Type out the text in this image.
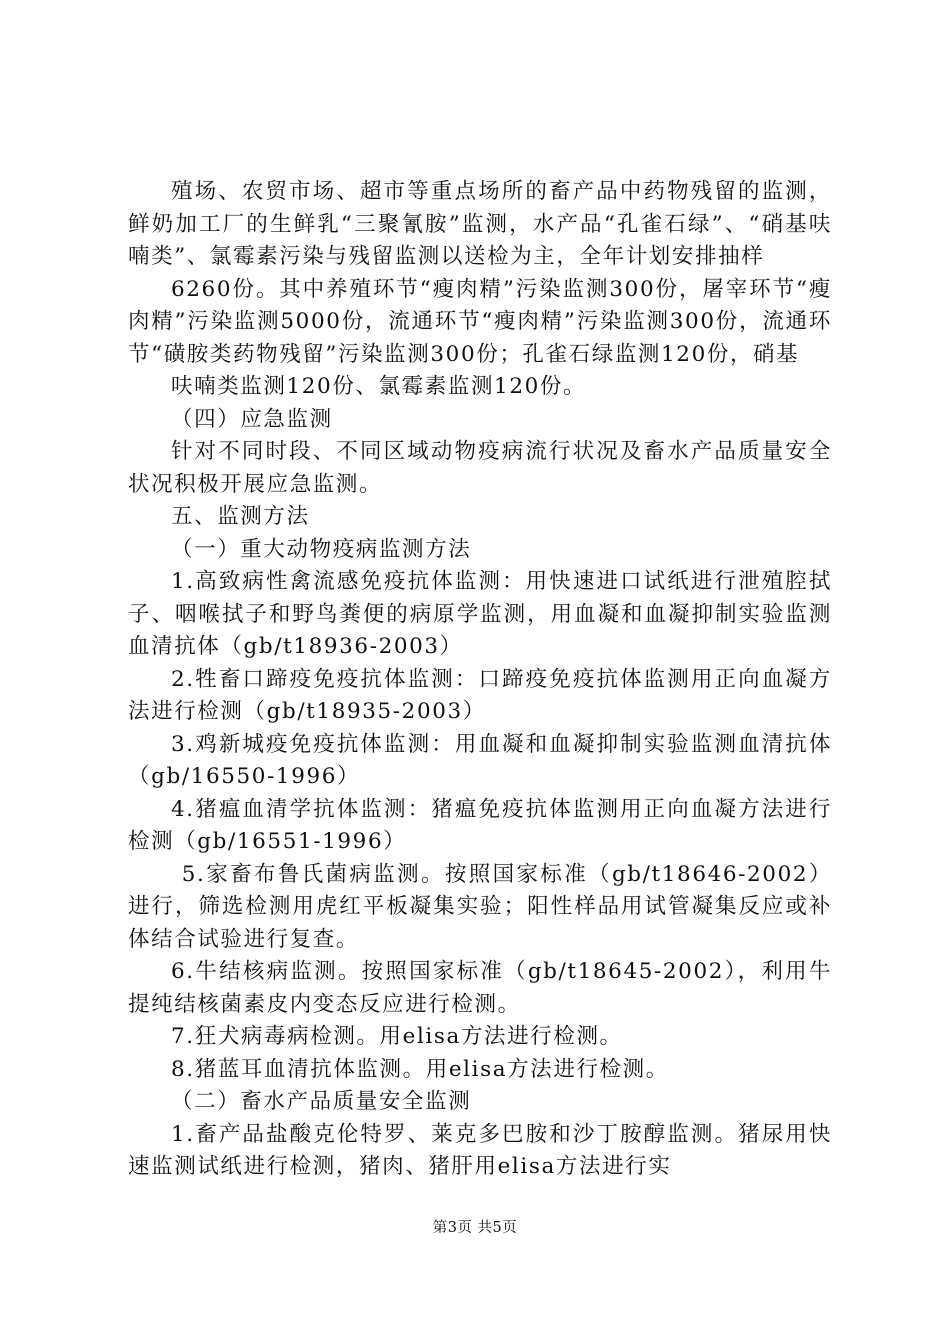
殖场、农贸市场、超市等重点场所的畜产品中药物残留的监测，鲜奶加工厂的生鲜乳“三聚氰胺”监测，水产品“孔雀石绿”、“硝基呋喃类”、氯霉素污染与残留监测以送检为主，全年计划安排抽样

6260份。其中养殖环节“瘦肉精”污染监测300份，屠宰环节“瘦肉精”污染监测5000份，流通环节“瘦肉精”污染监测300份，流通环节“磺胺类药物残留”污染监测300份；孔雀石绿监测120份，硝基

呋喃类监测120份、氯霉素监测120份。

（四）应急监测

针对不同时段、不同区域动物疫病流行状况及畜水产品质量安全状况积极开展应急监测。

五、监测方法

（一）重大动物疫病监测方法

1.高致病性禽流感免疫抗体监测：用快速进口试纸进行泄殖腔拭子、咽喉拭子和野鸟粪便的病原学监测，用血凝和血凝抑制实验监测血清抗体（gb/t18936-2003）

2.牲畜口蹄疫免疫抗体监测：口蹄疫免疫抗体监测用正向血凝方法进行检测（gb/t18935-2003）

3.鸡新城疫免疫抗体监测：用血凝和血凝抑制实验监测血清抗体（gb/16550-1996）

4.猪瘟血清学抗体监测：猪瘟免疫抗体监测用正向血凝方法进行检测（gb/16551-1996）

5.家畜布鲁氏菌病监测。按照国家标准（gb/t18646-2002）进行，筛选检测用虎红平板凝集实验；阳性样品用试管凝集反应或补体结合试验进行复查。

6.牛结核病监测。按照国家标准（gb/t18645-2002），利用牛提纯结核菌素皮内变态反应进行检测。

7.狂犬病毒病检测。用elisa方法进行检测。

8.猪蓝耳血清抗体监测。用elisa方法进行检测。

（二）畜水产品质量安全监测

1.畜产品盐酸克伦特罗、莱克多巴胺和沙丁胺醇监测。猪尿用快速监测试纸进行检测，猪肉、猪肝用elisa方法进行实

第3页 共5页
